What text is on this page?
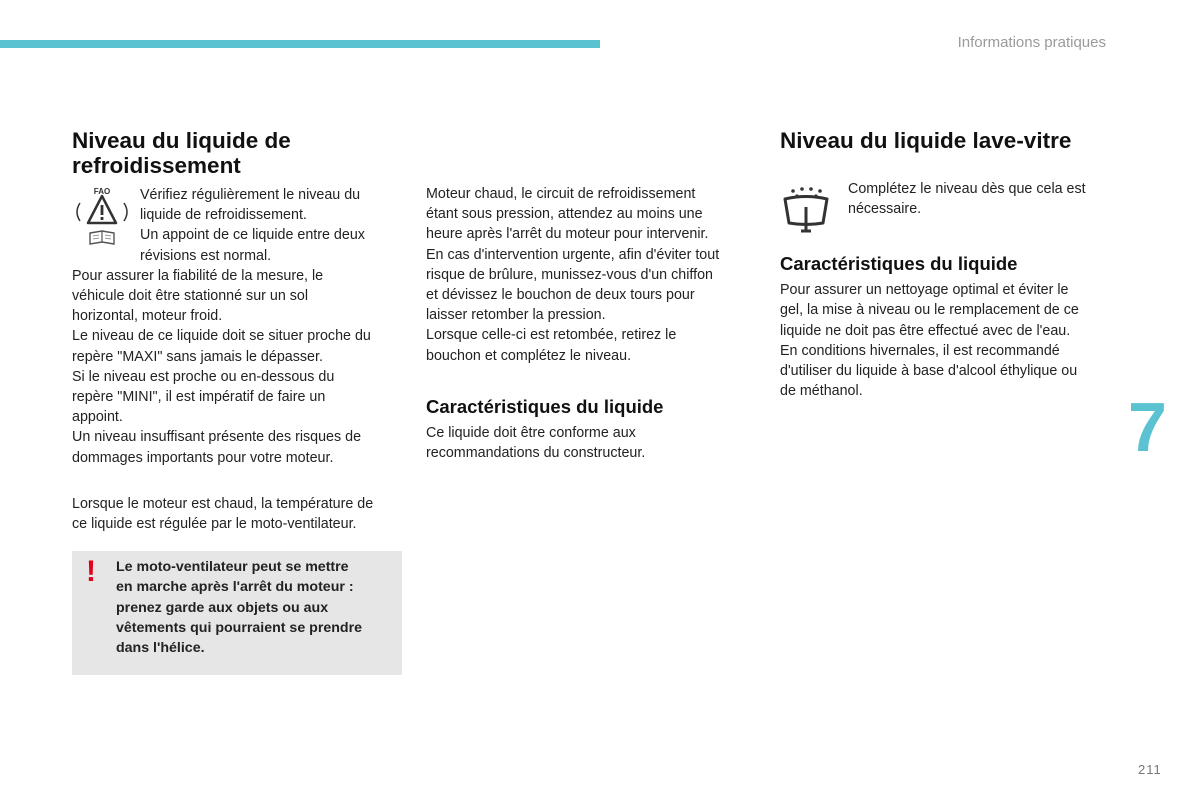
Informations pratiques
Niveau du liquide de
refroidissement
FAO Vérifiez régulièrement le niveau du

liquide de refroidissement.

Un appoint de ce liquide entre deux

révisions est normal.

Pour assurer la fiabilité de la mesure, le

véhicule doit être stationné sur un sol

horizontal, moteur froid.

Le niveau de ce liquide doit se situer proche du

repère "MAXI" sans jamais le dépasser.

Si le niveau est proche ou en-dessous du

repère "MINI", il est impératif de faire un

appoint.

Un niveau insuffisant présente des risques de

dommages importants pour votre moteur.

Lorsque le moteur est chaud, la température de

ce liquide est régulée par le moto-ventilateur.

! Le moto-ventilateur peut se mettre

en marche après l'arrêt du moteur :

prenez garde aux objets ou aux

vêtements qui pourraient se prendre

dans l'hélice.

Moteur chaud, le circuit de refroidissement

étant sous pression, attendez au moins une

heure après l'arrêt du moteur pour intervenir.

En cas d'intervention urgente, afin d'éviter tout

risque de brûlure, munissez-vous d'un chiffon

et dévissez le bouchon de deux tours pour

laisser retomber la pression.

Lorsque celle-ci est retombée, retirez le

bouchon et complétez le niveau.

Caractéristiques du liquide

Ce liquide doit être conforme aux

recommandations du constructeur.

Niveau du liquide lave-vitre

Complétez le niveau dès que cela est

nécessaire.

Caractéristiques du liquide

Pour assurer un nettoyage optimal et éviter le

gel, la mise à niveau ou le remplacement de ce

liquide ne doit pas être effectué avec de l'eau.

En conditions hivernales, il est recommandé

d'utiliser du liquide à base d'alcool éthylique ou

de méthanol.	7
211
